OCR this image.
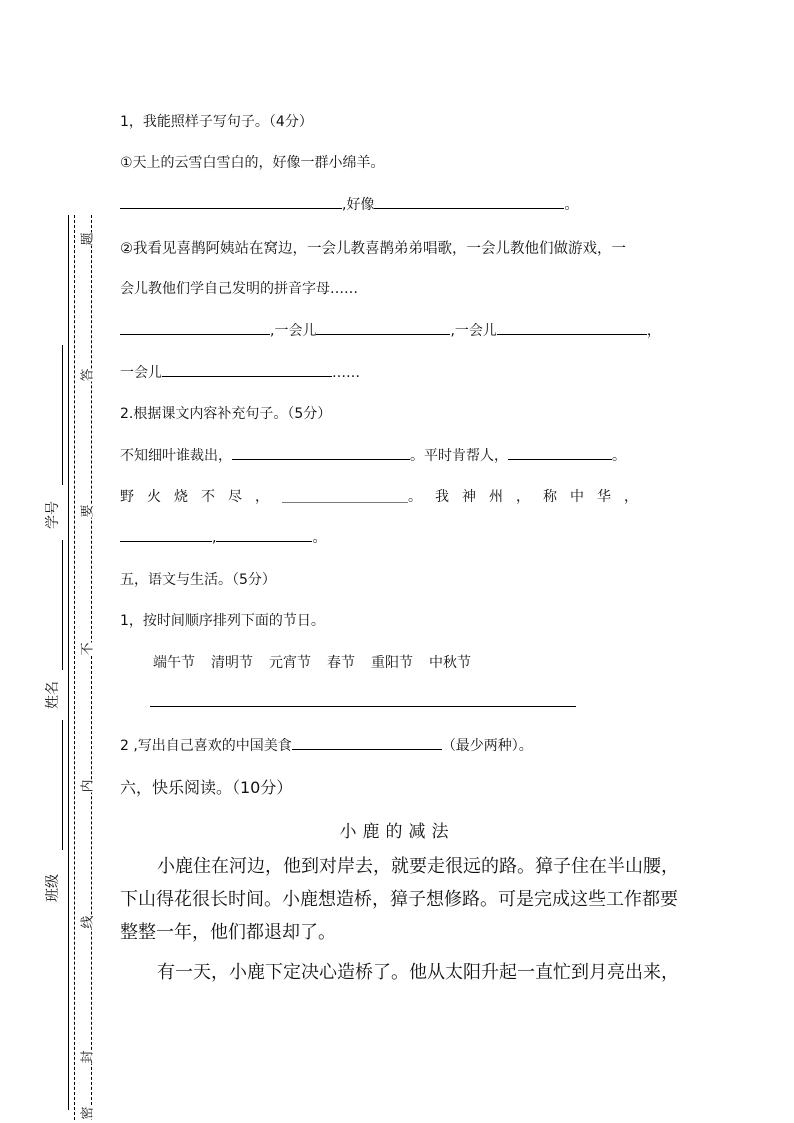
学号
姓名
班级
题
答
要
不
内
线
封
密
1，我能照样子写句子。（4分）
①天上的云雪白雪白的，好像一群小绵羊。
,好像	。
②我看见喜鹊阿姨站在窝边，一会儿教喜鹊弟弟唱歌，一会儿教他们做游戏，一
会儿教他们学自己发明的拼音字母……
,一会儿	,一会儿	，
一会儿	……
2.根据课文内容补充句子。（5分）
不知细叶谁裁出，	。平时肯帮人，	。
野火烧不尽，＿＿＿＿＿＿＿＿＿。我神州，称中华，
,	。
五，语文与生活。（5分）
1，按时间顺序排列下面的节日。
端午节 清明节 元宵节 春节 重阳节 中秋节
2 ,写出自己喜欢的中国美食	（最少两种）。
六，快乐阅读。（10分）
小鹿的减法

小鹿住在河边，他到对岸去，就要走很远的路。獐子住在半山腰，下山得花很长时间。小鹿想造桥，獐子想修路。可是完成这些工作都要整整一年，他们都退却了。

有一天，小鹿下定决心造桥了。他从太阳升起一直忙到月亮出来，
